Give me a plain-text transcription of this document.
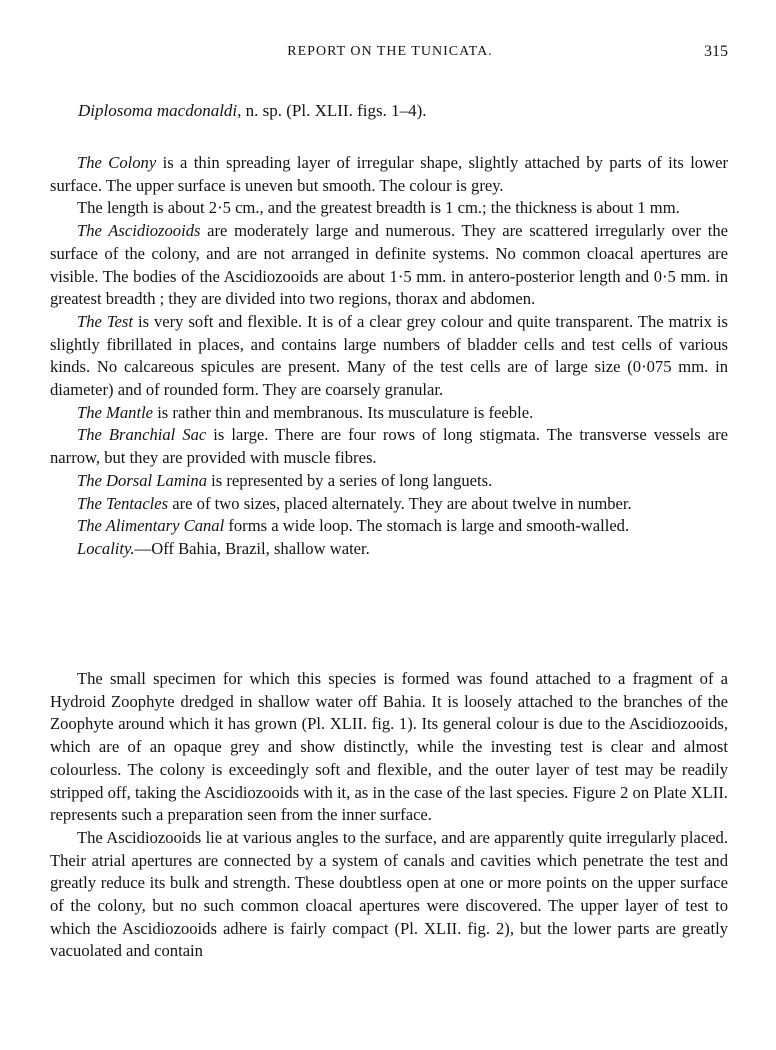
REPORT ON THE TUNICATA.	315
Diplosoma macdonaldi, n. sp. (Pl. XLII. figs. 1–4).

The Colony is a thin spreading layer of irregular shape, slightly attached by parts of its lower surface. The upper surface is uneven but smooth. The colour is grey.

The length is about 2·5 cm., and the greatest breadth is 1 cm.; the thickness is about 1 mm.

The Ascidiozooids are moderately large and numerous. They are scattered irregularly over the surface of the colony, and are not arranged in definite systems. No common cloacal apertures are visible. The bodies of the Ascidiozooids are about 1·5 mm. in antero-posterior length and 0·5 mm. in greatest breadth ; they are divided into two regions, thorax and abdomen.

The Test is very soft and flexible. It is of a clear grey colour and quite transparent. The matrix is slightly fibrillated in places, and contains large numbers of bladder cells and test cells of various kinds. No calcareous spicules are present. Many of the test cells are of large size (0·075 mm. in diameter) and of rounded form. They are coarsely granular.

The Mantle is rather thin and membranous. Its musculature is feeble.

The Branchial Sac is large. There are four rows of long stigmata. The transverse vessels are narrow, but they are provided with muscle fibres.

The Dorsal Lamina is represented by a series of long languets.

The Tentacles are of two sizes, placed alternately. They are about twelve in number.

The Alimentary Canal forms a wide loop. The stomach is large and smooth-walled.

Locality.—Off Bahia, Brazil, shallow water.

The small specimen for which this species is formed was found attached to a fragment of a Hydroid Zoophyte dredged in shallow water off Bahia. It is loosely attached to the branches of the Zoophyte around which it has grown (Pl. XLII. fig. 1). Its general colour is due to the Ascidiozooids, which are of an opaque grey and show distinctly, while the investing test is clear and almost colourless. The colony is exceedingly soft and flexible, and the outer layer of test may be readily stripped off, taking the Ascidiozooids with it, as in the case of the last species. Figure 2 on Plate XLII. represents such a preparation seen from the inner surface.

The Ascidiozooids lie at various angles to the surface, and are apparently quite irregularly placed. Their atrial apertures are connected by a system of canals and cavities which penetrate the test and greatly reduce its bulk and strength. These doubtless open at one or more points on the upper surface of the colony, but no such common cloacal apertures were discovered. The upper layer of test to which the Ascidiozooids adhere is fairly compact (Pl. XLII. fig. 2), but the lower parts are greatly vacuolated and contain
